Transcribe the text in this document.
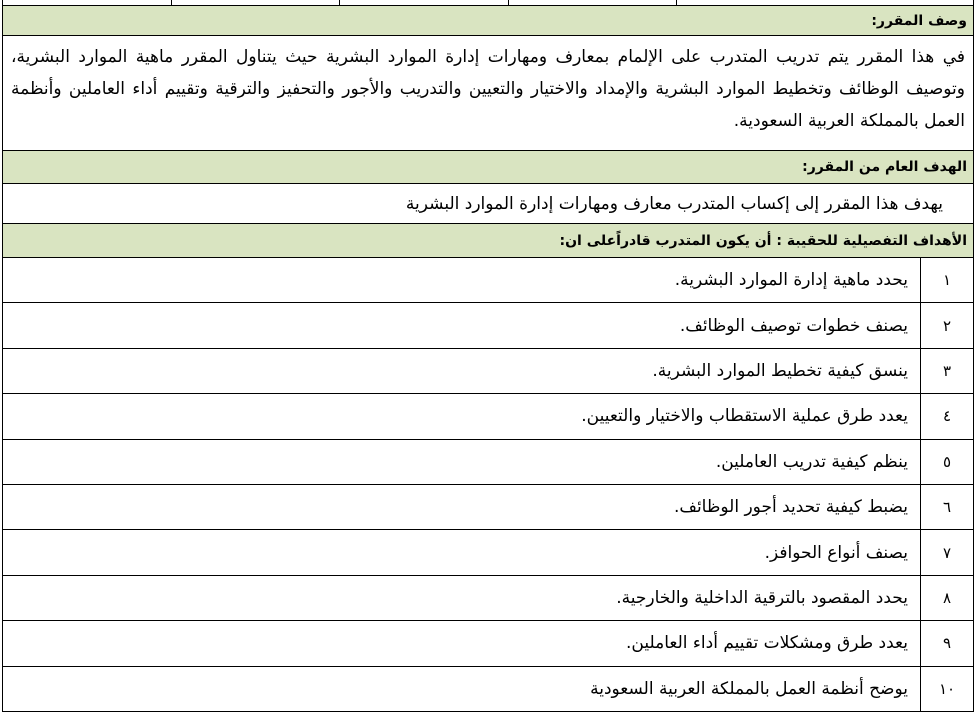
وصف المقرر:

في هذا المقرر يتم تدريب المتدرب على الإلمام بمعارف ومهارات إدارة الموارد البشرية حيث يتناول المقرر ماهية الموارد البشرية، وتوصيف الوظائف وتخطيط الموارد البشرية والإمداد والاختيار والتعيين والتدريب والأجور والتحفيز والترقية وتقييم أداء العاملين وأنظمة العمل بالمملكة العربية السعودية.

الهدف العام من المقرر:
يهدف هذا المقرر إلى إكساب المتدرب معارف ومهارات إدارة الموارد البشرية
الأهداف التفصيلية للحقيبة : أن يكون المتدرب قادراًعلى ان:
١
يحدد ماهية إدارة الموارد البشرية.
٢
يصنف خطوات توصيف الوظائف.
٣
ينسق كيفية تخطيط الموارد البشرية.
٤
يعدد طرق عملية الاستقطاب والاختيار والتعيين.
٥
ينظم كيفية تدريب العاملين.
٦
يضبط كيفية تحديد أجور الوظائف.
٧
يصنف أنواع الحوافز.
٨
يحدد المقصود بالترقية الداخلية والخارجية.
٩
يعدد طرق ومشكلات تقييم أداء العاملين.
١٠
يوضح أنظمة العمل بالمملكة العربية السعودية
